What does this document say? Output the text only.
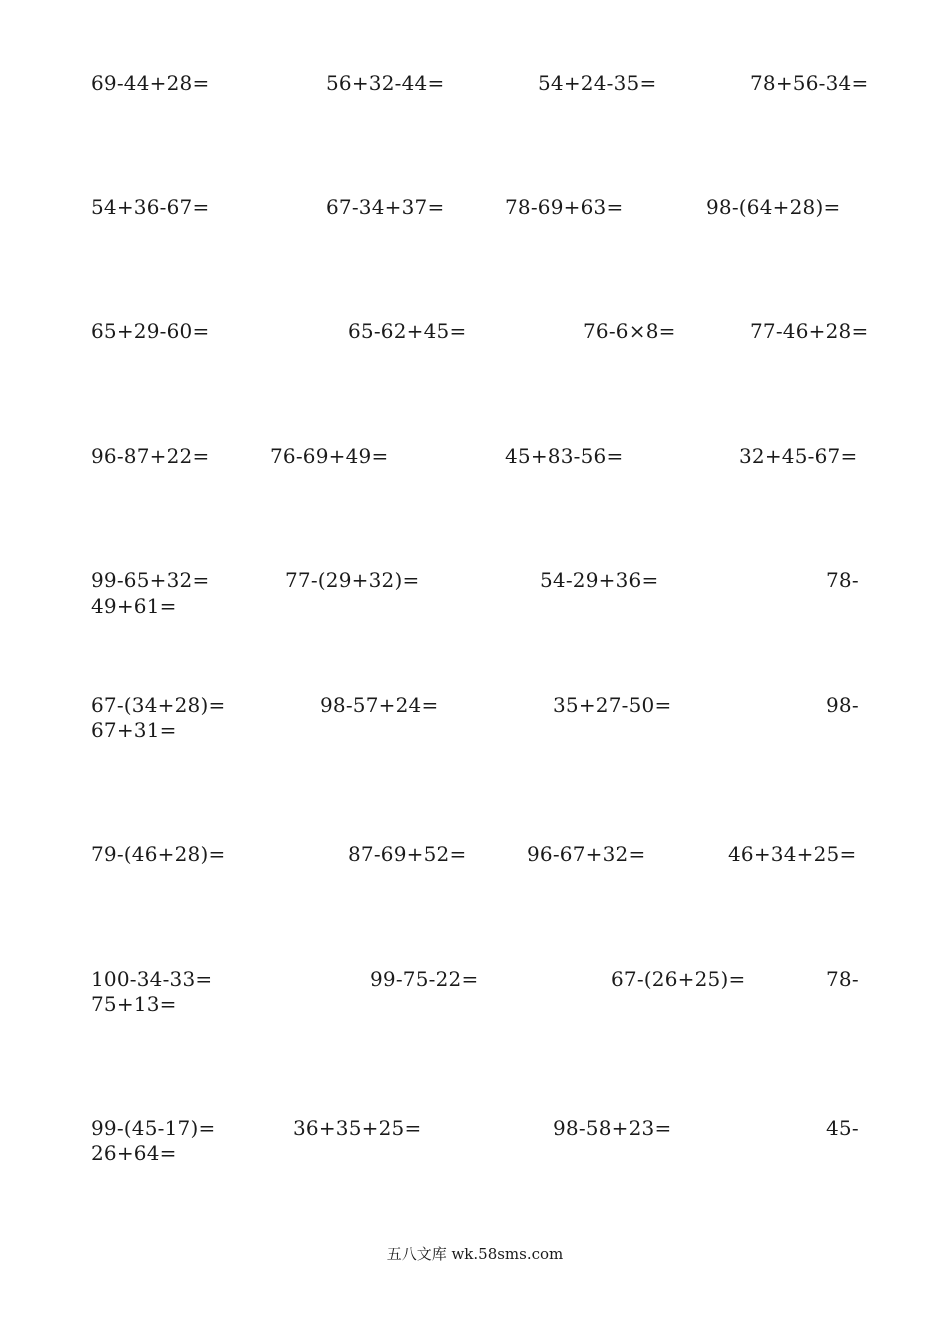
69-44+28=	56+32-44=	54+24-35=	78+56-34=
54+36-67=	67-34+37=	78-69+63=	98-(64+28)=
65+29-60=	65-62+45=	76-6×8=	77-46+28=
96-87+22=	76-69+49=	45+83-56=	32+45-67=
99-65+32=	77-(29+32)=	54-29+36=	78-
49+61=
67-(34+28)=	98-57+24=	35+27-50=	98-
67+31=
79-(46+28)=	87-69+52=	96-67+32=	46+34+25=
100-34-33=	99-75-22=	67-(26+25)=	78-
75+13=
99-(45-17)=	36+35+25=	98-58+23=	45-
26+64=
五八文库 wk.58sms.com
